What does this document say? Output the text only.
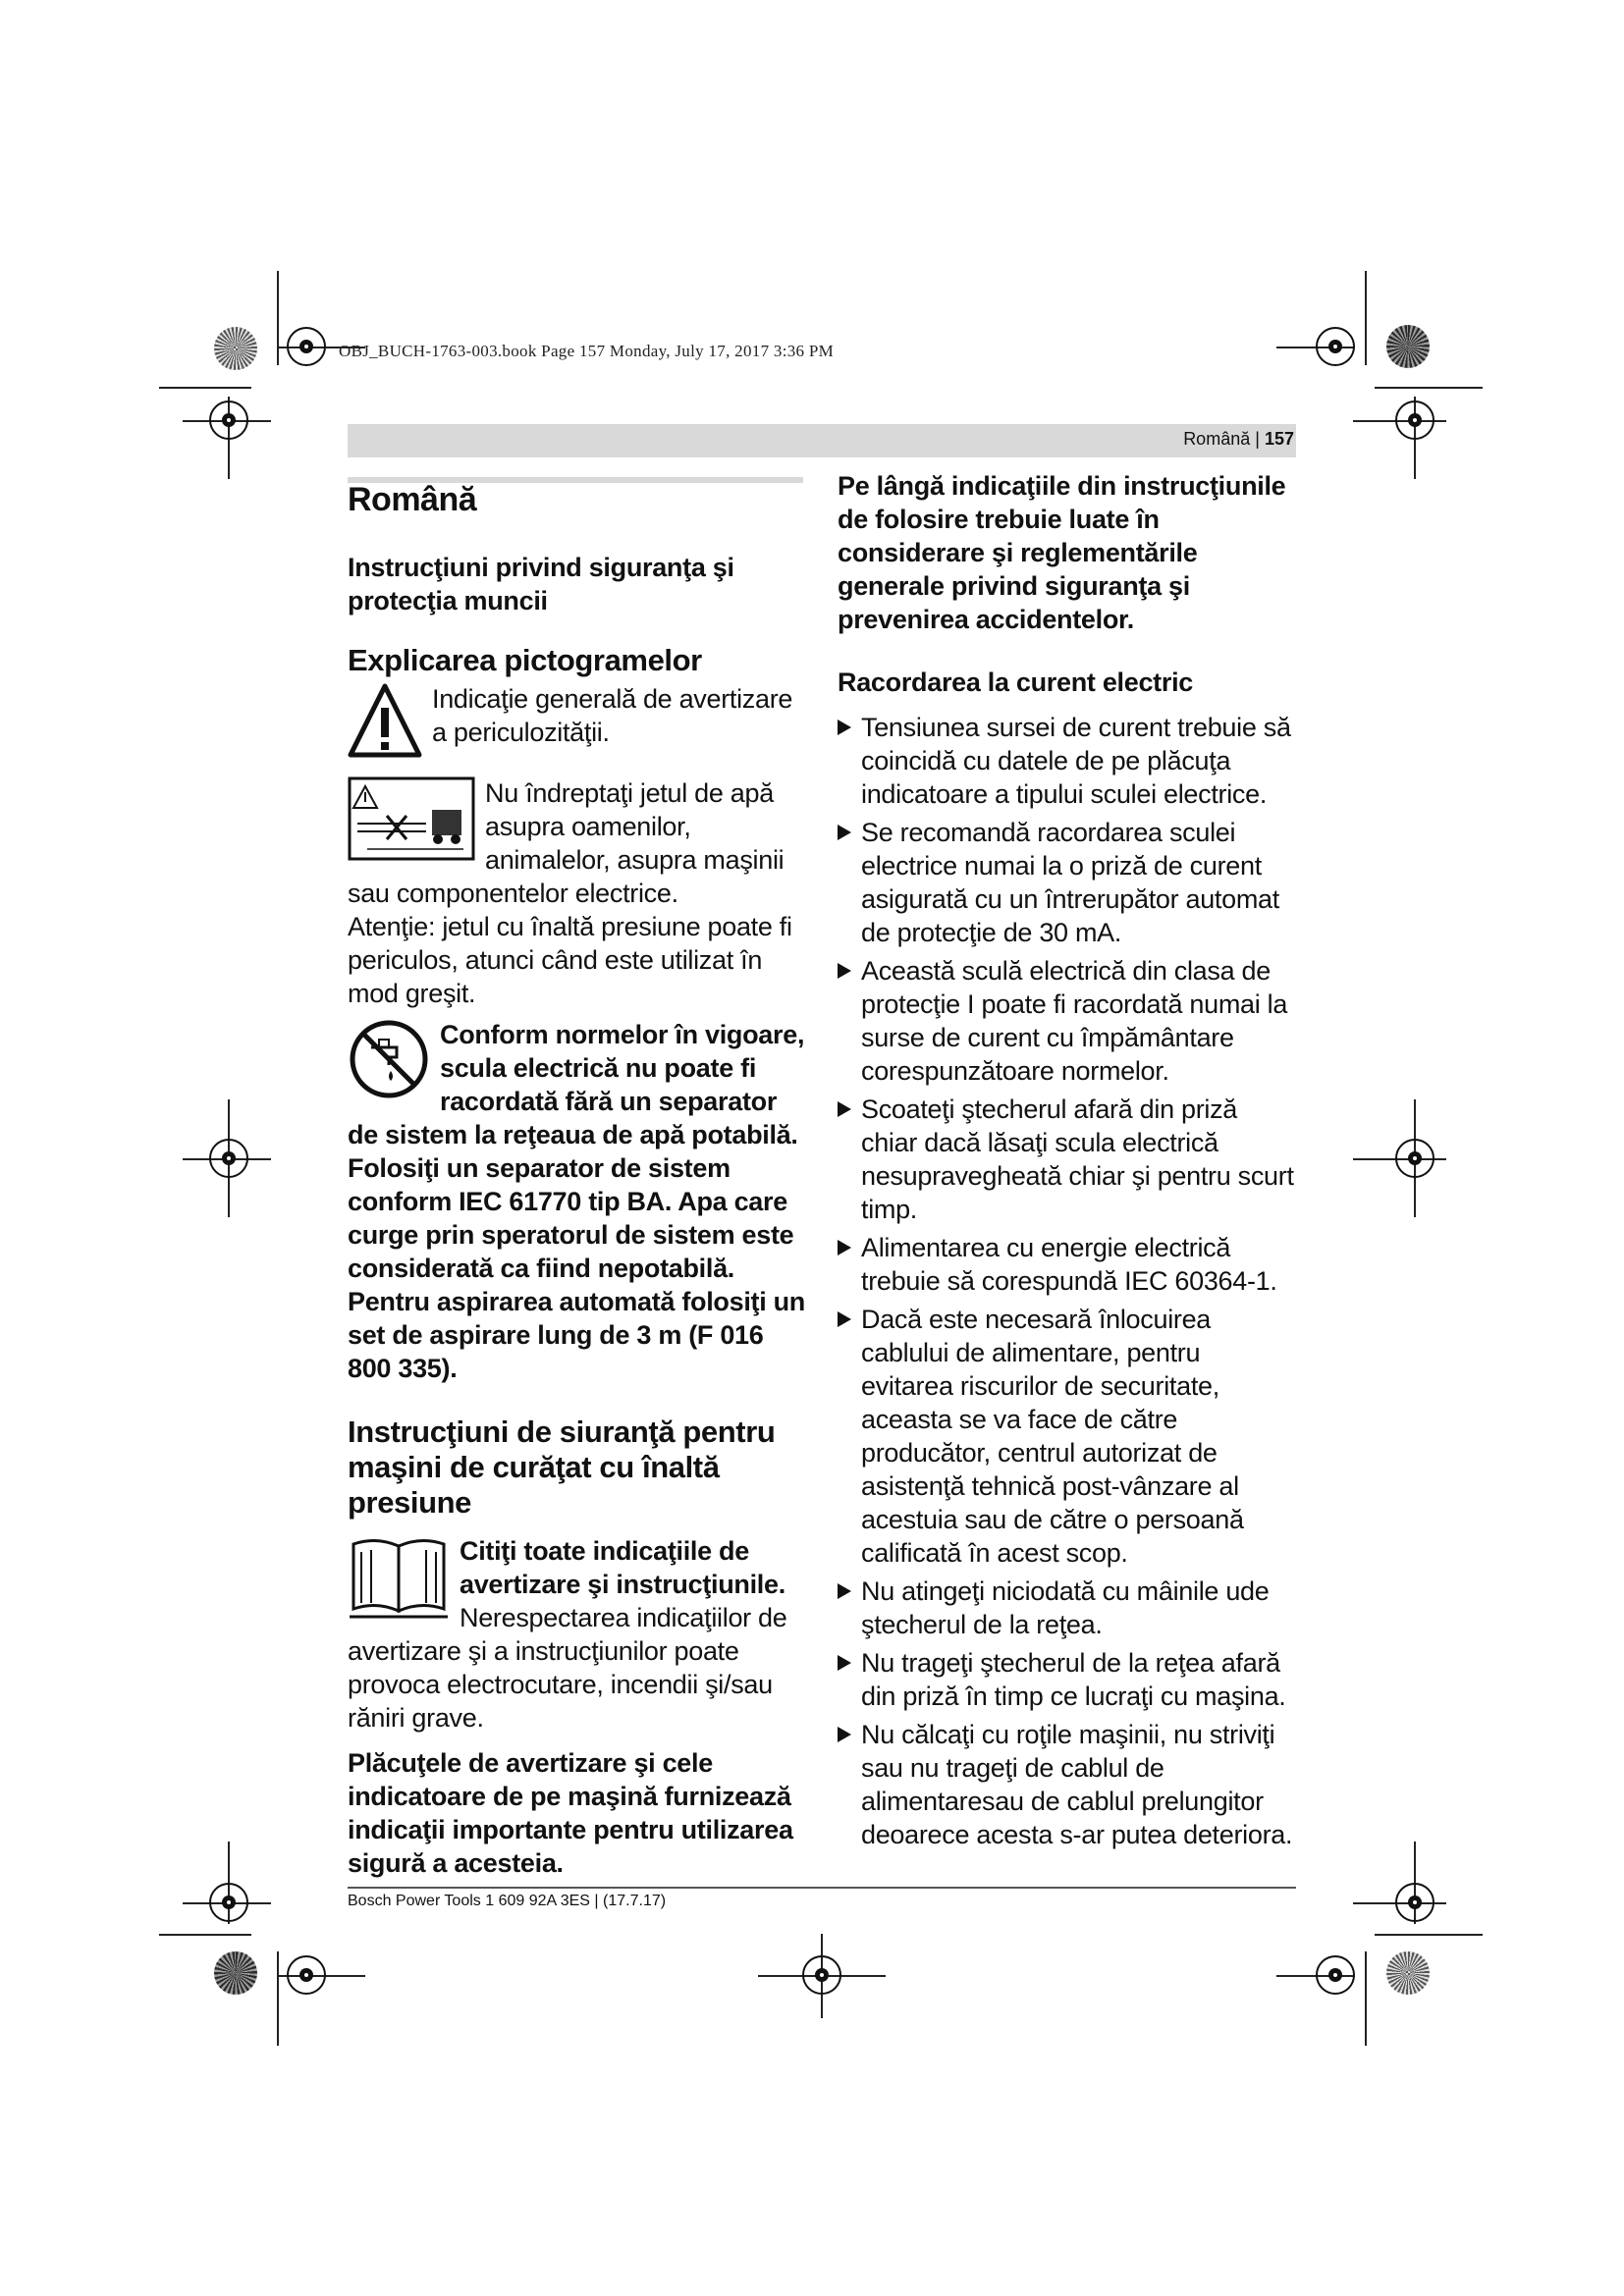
OBJ_BUCH-1763-003.book Page 157 Monday, July 17, 2017 3:36 PM
Română | 157
Română
Instrucţiuni privind siguranţa şi protecţia muncii
Explicarea pictogramelor

Indicaţie generală de avertizare a periculozităţii.

Nu îndreptaţi jetul de apă asupra oamenilor, animalelor, asupra maşinii sau componentelor electrice.

Atenţie: jetul cu înaltă presiune poate fi periculos, atunci când este utilizat în mod greşit.

Conform normelor în vigoare, scula electrică nu poate fi racordată fără un separator de sistem la reţeaua de apă potabilă. Folosiţi un separator de sistem conform IEC 61770 tip BA. Apa care curge prin speratorul de sistem este considerată ca fiind nepotabilă. Pentru aspirarea automată folosiţi un set de aspirare lung de 3 m (F 016 800 335).

Instrucţiuni de siuranţă pentru maşini de curăţat cu înaltă presiune

Citiţi toate indicaţiile de avertizare şi instrucţiunile. Nerespectarea indicaţiilor de avertizare şi a instrucţiunilor poate provoca electrocutare, incendii şi/sau răniri grave.

Plăcuţele de avertizare şi cele indicatoare de pe maşină furnizează indicaţii importante pentru utilizarea sigură a acesteia.

Pe lângă indicaţiile din instrucţiunile de folosire trebuie luate în considerare şi reglementările generale privind siguranţa şi prevenirea accidentelor.

Racordarea la curent electric
Tensiunea sursei de curent trebuie să coincidă cu datele de pe plăcuţa indicatoare a tipului sculei electrice.
Se recomandă racordarea sculei electrice numai la o priză de curent asigurată cu un întrerupător automat de protecţie de 30 mA.
Această sculă electrică din clasa de protecţie I poate fi racordată numai la surse de curent cu împământare corespunzătoare normelor.
Scoateţi ştecherul afară din priză chiar dacă lăsaţi scula electrică nesupravegheată chiar şi pentru scurt timp.
Alimentarea cu energie electrică trebuie să corespundă IEC 60364-1.
Dacă este necesară înlocuirea cablului de alimentare, pentru evitarea riscurilor de securitate, aceasta se va face de către producător, centrul autorizat de asistenţă tehnică post-vânzare al acestuia sau de către o persoană calificată în acest scop.
Nu atingeţi niciodată cu mâinile ude ştecherul de la reţea.
Nu trageţi ştecherul de la reţea afară din priză în timp ce lucraţi cu maşina.
Nu călcaţi cu roţile maşinii, nu striviţi sau nu trageţi de cablul de alimentaresau de cablul prelungitor deoarece acesta s-ar putea deteriora.
Bosch Power Tools 1 609 92A 3ES | (17.7.17)
